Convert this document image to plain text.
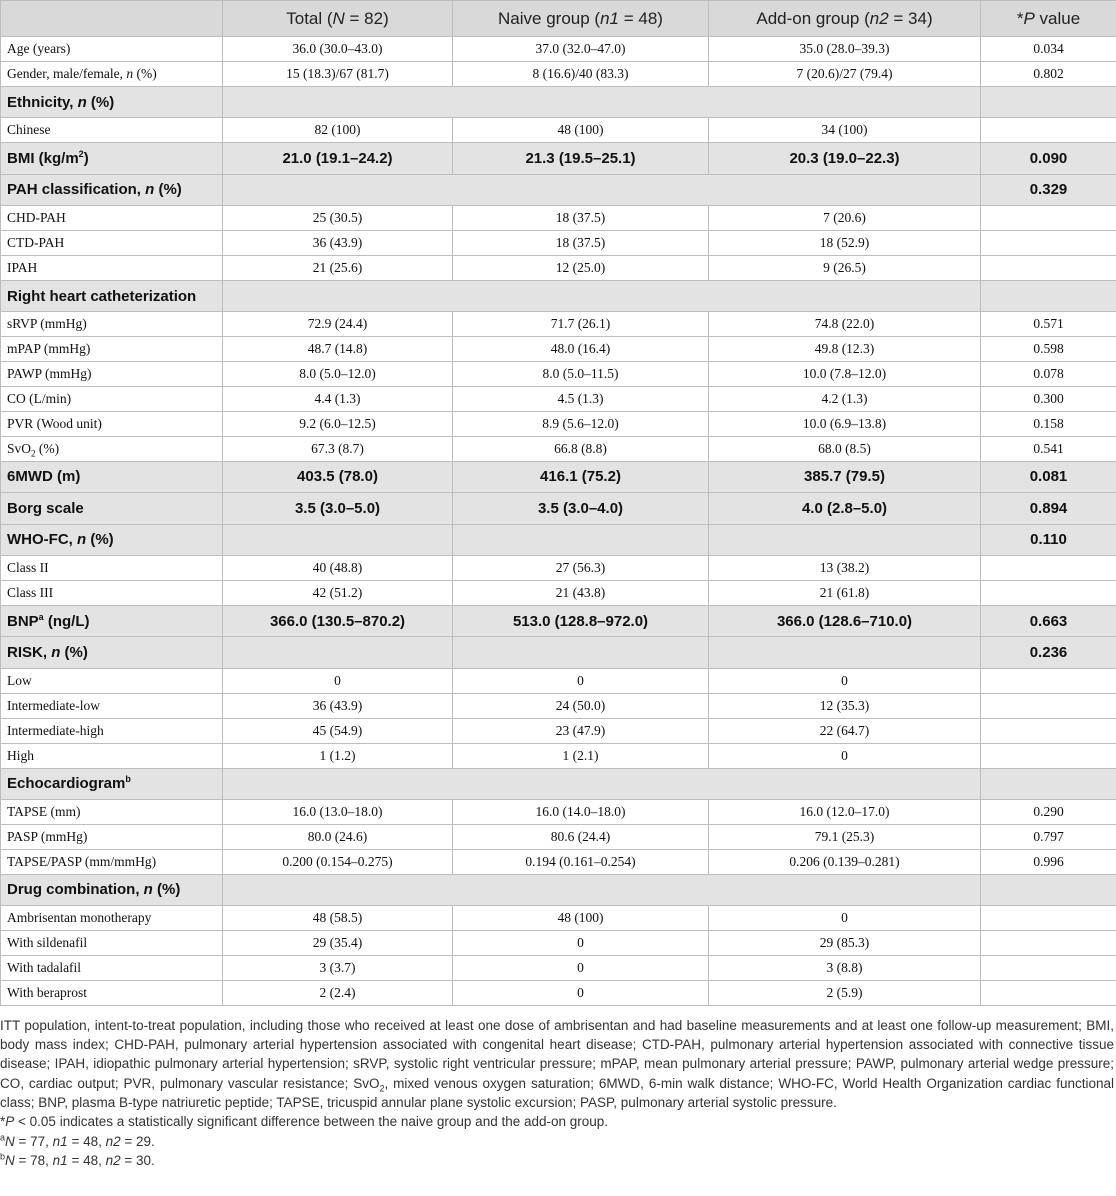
	Total (N = 82)	Naive group (n1 = 48)	Add-on group (n2 = 34)	*P value
Age (years)	36.0 (30.0–43.0)	37.0 (32.0–47.0)	35.0 (28.0–39.3)	0.034
Gender, male/female, n (%)	15 (18.3)/67 (81.7)	8 (16.6)/40 (83.3)	7 (20.6)/27 (79.4)	0.802
Ethnicity, n (%)				
Chinese	82 (100)	48 (100)	34 (100)	
BMI $(kg/m^2)$	21.0 (19.1–24.2)	21.3 (19.5–25.1)	20.3 (19.0–22.3)	0.090
PAH classification, n (%)				0.329
CHD-PAH	25 (30.5)	18 (37.5)	7 (20.6)	
CTD-PAH	36 (43.9)	18 (37.5)	18 (52.9)	
IPAH	21 (25.6)	12 (25.0)	9 (26.5)	
Right heart catheterization				
sRVP (mmHg)	72.9 (24.4)	71.7 (26.1)	74.8 (22.0)	0.571
mPAP (mmHg)	48.7 (14.8)	48.0 (16.4)	49.8 (12.3)	0.598
PAWP (mmHg)	8.0 (5.0–12.0)	8.0 (5.0–11.5)	10.0 (7.8–12.0)	0.078
CO (L/min)	4.4 (1.3)	4.5 (1.3)	4.2 (1.3)	0.300
PVR (Wood unit)	9.2 (6.0–12.5)	8.9 (5.6–12.0)	10.0 (6.9–13.8)	0.158
SvO$_2$ (%)	67.3 (8.7)	66.8 (8.8)	68.0 (8.5)	0.541
6MWD (m)	403.5 (78.0)	416.1 (75.2)	385.7 (79.5)	0.081
Borg scale	3.5 (3.0–5.0)	3.5 (3.0–4.0)	4.0 (2.8–5.0)	0.894
WHO-FC, n (%)				0.110
Class II	40 (48.8)	27 (56.3)	13 (38.2)	
Class III	42 (51.2)	21 (43.8)	21 (61.8)	
BNP$^a$ (ng/L)	366.0 (130.5–870.2)	513.0 (128.8–972.0)	366.0 (128.6–710.0)	0.663
RISK, n (%)				0.236
Low	0	0	0	
Intermediate-low	36 (43.9)	24 (50.0)	12 (35.3)	
Intermediate-high	45 (54.9)	23 (47.9)	22 (64.7)	
High	1 (1.2)	1 (2.1)	0	
Echocardiogram$^b$		
TAPSE (mm)	16.0 (13.0–18.0)	16.0 (14.0–18.0)	16.0 (12.0–17.0)	0.290
PASP (mmHg)	80.0 (24.6)	80.6 (24.4)	79.1 (25.3)	0.797
TAPSE/PASP (mm/mmHg)	0.200 (0.154–0.275)	0.194 (0.161–0.254)	0.206 (0.139–0.281)	0.996
Drug combination, n (%)				
Ambrisentan monotherapy	48 (58.5)	48 (100)	0	
With sildenafil	29 (35.4)	0	29 (85.3)	
With tadalafil	3 (3.7)	0	3 (8.8)	
With beraprost	2 (2.4)	0	2 (5.9)	

ITT population, intent-to-treat population, including those who received at least one dose of ambrisentan and had baseline measurements and at least one follow-up measurement; BMI, body mass index; CHD-PAH, pulmonary arterial hypertension associated with congenital heart disease; CTD-PAH, pulmonary arterial hypertension associated with connective tissue disease; IPAH, idiopathic pulmonary arterial hypertension; sRVP, systolic right ventricular pressure; mPAP, mean pulmonary arterial pressure; PAWP, pulmonary arterial wedge pressure; CO, cardiac output; PVR, pulmonary vascular resistance; SvO$_2$, mixed venous oxygen saturation; 6MWD, 6-min walk distance; WHO-FC, World Health Organization cardiac functional class; BNP, plasma B-type natriuretic peptide; TAPSE, tricuspid annular plane systolic excursion; PASP, pulmonary arterial systolic pressure.

*P < 0.05 indicates a statistically significant difference between the naive group and the add-on group.

$^a$N = 77, n1 = 48, n2 = 29.

$^b$N = 78, n1 = 48, n2 = 30.
